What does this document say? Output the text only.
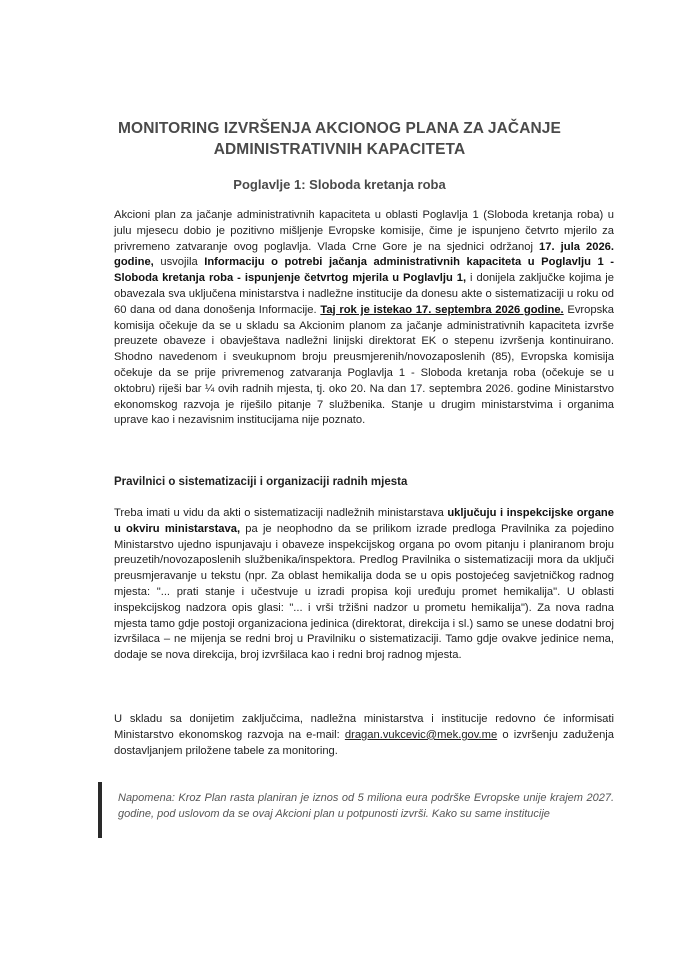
MONITORING IZVRŠENJA AKCIONOG PLANA ZA JAČANJE
ADMINISTRATIVNIH KAPACITETA
Poglavlje 1: Sloboda kretanja roba
Akcioni plan za jačanje administrativnih kapaciteta u oblasti Poglavlja 1 (Sloboda kretanja roba) u julu mjesecu dobio je pozitivno mišljenje Evropske komisije, čime je ispunjeno četvrto mjerilo za privremeno zatvaranje ovog poglavlja. Vlada Crne Gore je na sjednici održanoj 17. jula 2026. godine, usvojila Informaciju o potrebi jačanja administrativnih kapaciteta u Poglavlju 1 - Sloboda kretanja roba - ispunjenje četvrtog mjerila u Poglavlju 1, i donijela zaključke kojima je obavezala sva uključena ministarstva i nadležne institucije da donesu akte o sistematizaciji u roku od 60 dana od dana donošenja Informacije. Taj rok je istekao 17. septembra 2026 godine. Evropska komisija očekuje da se u skladu sa Akcionim planom za jačanje administrativnih kapaciteta izvrše preuzete obaveze i obavještava nadležni linijski direktorat EK o stepenu izvršenja kontinuirano. Shodno navedenom i sveukupnom broju preusmjerenih/novozaposlenih (85), Evropska komisija očekuje da se prije privremenog zatvaranja Poglavlja 1 - Sloboda kretanja roba (očekuje se u oktobru) riješi bar ¼ ovih radnih mjesta, tj. oko 20. Na dan 17. septembra 2026. godine Ministarstvo ekonomskog razvoja je riješilo pitanje 7 službenika. Stanje u drugim ministarstvima i organima uprave kao i nezavisnim institucijama nije poznato.
Pravilnici o sistematizaciji i organizaciji radnih mjesta
Treba imati u vidu da akti o sistematizaciji nadležnih ministarstava uključuju i inspekcijske organe u okviru ministarstava, pa je neophodno da se prilikom izrade predloga Pravilnika za pojedino Ministarstvo ujedno ispunjavaju i obaveze inspekcijskog organa po ovom pitanju i planiranom broju preuzetih/novozaposlenih službenika/inspektora. Predlog Pravilnika o sistematizaciji mora da uključi preusmjeravanje u tekstu (npr. Za oblast hemikalija doda se u opis postojećeg savjetničkog radnog mjesta: "... prati stanje i učestvuje u izradi propisa koji uređuju promet hemikalija". U oblasti inspekcijskog nadzora opis glasi: "... i vrši tržišni nadzor u prometu hemikalija"). Za nova radna mjesta tamo gdje postoji organizaciona jedinica (direktorat, direkcija i sl.) samo se unese dodatni broj izvršilaca – ne mijenja se redni broj u Pravilniku o sistematizaciji. Tamo gdje ovakve jedinice nema, dodaje se nova direkcija, broj izvršilaca kao i redni broj radnog mjesta.
U skladu sa donijetim zaključcima, nadležna ministarstva i institucije redovno će informisati Ministarstvo ekonomskog razvoja na e-mail: dragan.vukcevic@mek.gov.me o izvršenju zaduženja dostavljanjem priložene tabele za monitoring.
Napomena: Kroz Plan rasta planiran je iznos od 5 miliona eura podrške Evropske unije krajem 2027. godine, pod uslovom da se ovaj Akcioni plan u potpunosti izvrši. Kako su same institucije
